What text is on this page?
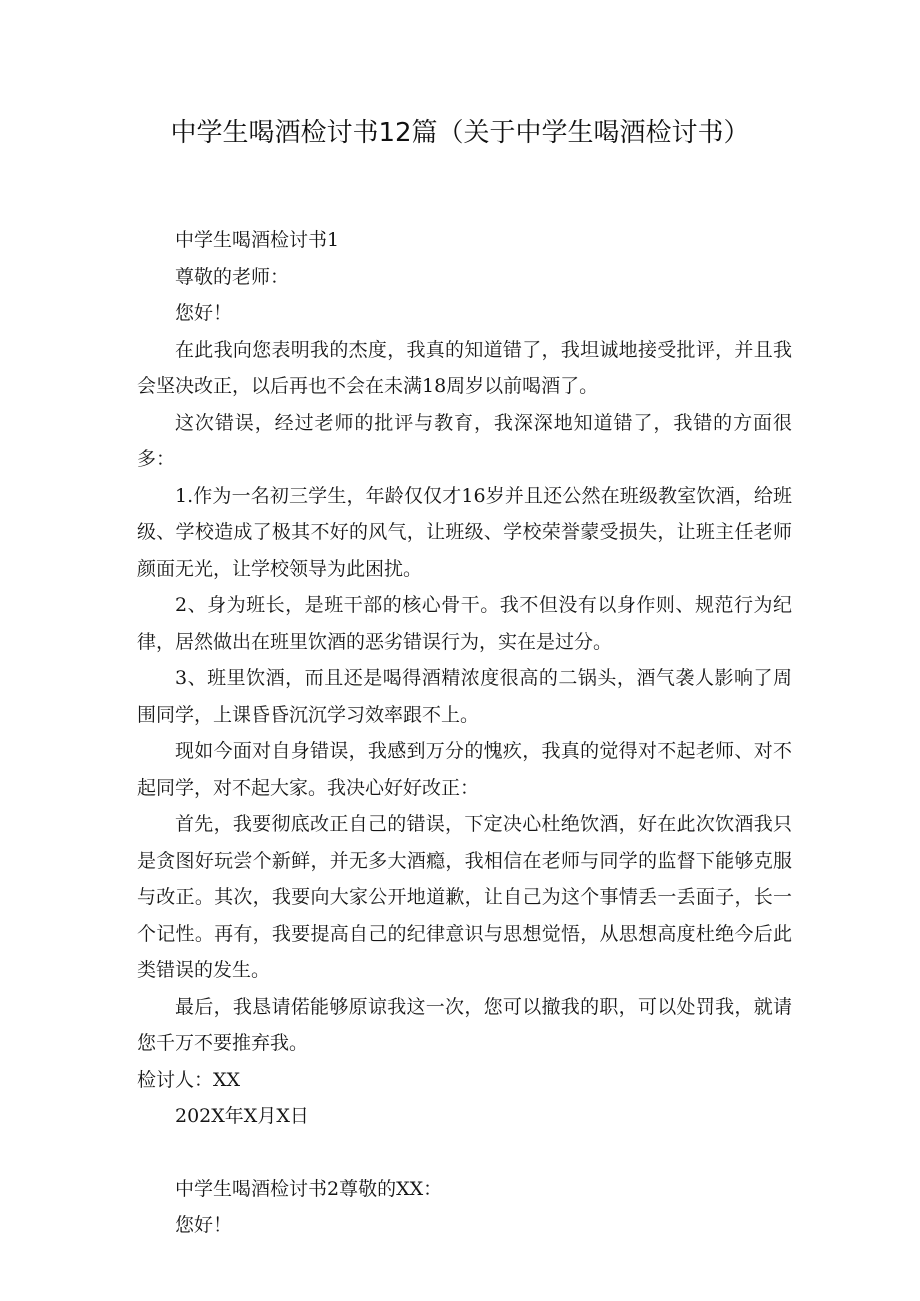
中学生喝酒检讨书12篇（关于中学生喝酒检讨书）

中学生喝酒检讨书1

尊敬的老师：

您好！

在此我向您表明我的杰度，我真的知道错了，我坦诚地接受批评，并且我会坚决改正，以后再也不会在未满18周岁以前喝酒了。

这次错误，经过老师的批评与教育，我深深地知道错了，我错的方面很多：

1.作为一名初三学生，年龄仅仅才16岁并且还公然在班级教室饮酒，给班级、学校造成了极其不好的风气，让班级、学校荣誉蒙受损失，让班主任老师颜面无光，让学校领导为此困扰。

2、身为班长，是班干部的核心骨干。我不但没有以身作则、规范行为纪律，居然做出在班里饮酒的恶劣错误行为，实在是过分。

3、班里饮酒，而且还是喝得酒精浓度很高的二锅头，酒气袭人影响了周围同学，上课昏昏沉沉学习效率跟不上。

现如今面对自身错误，我感到万分的愧疚，我真的觉得对不起老师、对不起同学，对不起大家。我决心好好改正：

首先，我要彻底改正自己的错误，下定决心杜绝饮酒，好在此次饮酒我只是贪图好玩尝个新鲜，并无多大酒瘾，我相信在老师与同学的监督下能够克服与改正。其次，我要向大家公开地道歉，让自己为这个事情丢一丢面子，长一个记性。再有，我要提高自己的纪律意识与思想觉悟，从思想高度杜绝今后此类错误的发生。

最后，我恳请偌能够原谅我这一次，您可以撤我的职，可以处罚我，就请您千万不要推弃我。

检讨人：XX

202X年X月X日

中学生喝酒检讨书2尊敬的XX：

您好！
